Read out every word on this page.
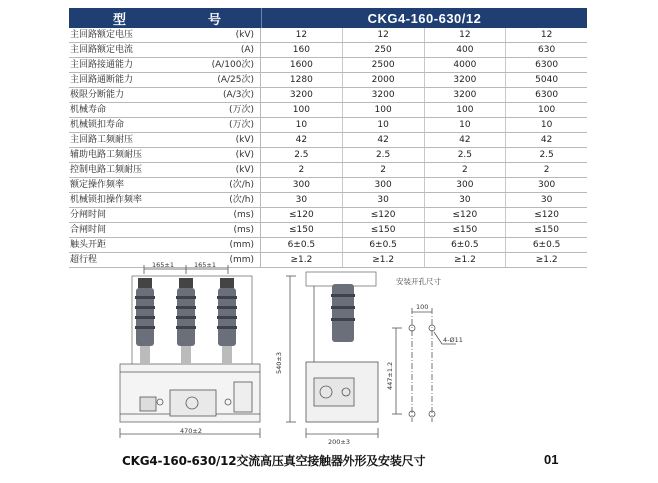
型	号	CKG4-160-630/12
主回路额定电压	(kV)	12	12	12	12
主回路额定电流	(A)	160	250	400	630
主回路接通能力	(A/100次)	1600	2500	4000	6300
主回路通断能力	(A/25次)	1280	2000	3200	5040
极限分断能力	(A/3次)	3200	3200	3200	6300
机械寿命	(万次)	100	100	100	100
机械锁扣寿命	(万次)	10	10	10	10
主回路工频耐压	(kV)	42	42	42	42
辅助电路工频耐压	(kV)	2.5	2.5	2.5	2.5
控制电路工频耐压	(kV)	2	2	2	2
额定操作频率	(次/h)	300	300	300	300
机械锁扣操作频率	(次/h)	30	30	30	30
分闸时间	(ms)	≤120	≤120	≤120	≤120
合闸时间	(ms)	≤150	≤150	≤150	≤150
触头开距	(mm)	6±0.5	6±0.5	6±0.5	6±0.5
超行程	(mm)	≥1.2	≥1.2	≥1.2	≥1.2
165±1	165±1
470±2
540±3
200±3
安装开孔尺寸
100
4-Ø11
447±1.2
CKG4-160-630/12交流高压真空接触器外形及安装尺寸	01
